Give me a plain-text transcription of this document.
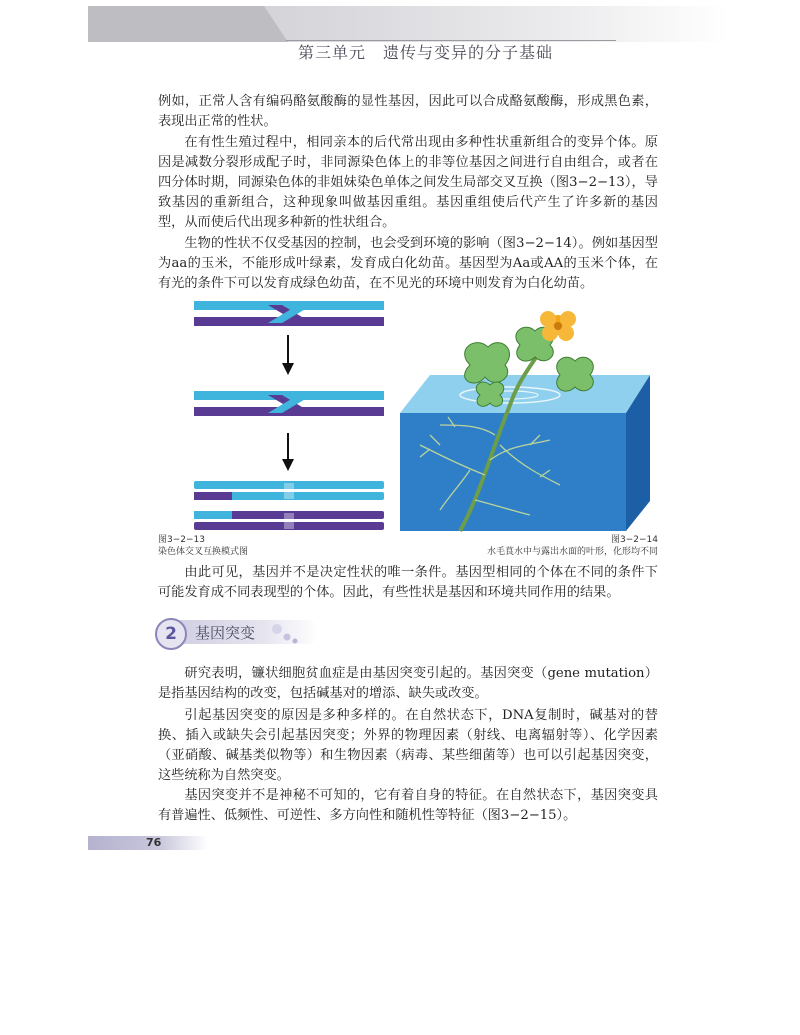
第三单元　遗传与变异的分子基础

例如，正常人含有编码酪氨酸酶的显性基因，因此可以合成酪氨酸酶，形成黑色素，表现出正常的性状。

在有性生殖过程中，相同亲本的后代常出现由多种性状重新组合的变异个体。原因是减数分裂形成配子时，非同源染色体上的非等位基因之间进行自由组合，或者在四分体时期，同源染色体的非姐妹染色单体之间发生局部交叉互换（图3−2−13），导致基因的重新组合，这种现象叫做基因重组。基因重组使后代产生了许多新的基因型，从而使后代出现多种新的性状组合。

生物的性状不仅受基因的控制，也会受到环境的影响（图3−2−14）。例如基因型为aa的玉米，不能形成叶绿素，发育成白化幼苗。基因型为Aa或AA的玉米个体，在有光的条件下可以发育成绿色幼苗，在不见光的环境中则发育为白化幼苗。

图3−2−13
染色体交叉互换模式图
图3−2−14
水毛茛水中与露出水面的叶形，化形均不同

由此可见，基因并不是决定性状的唯一条件。基因型相同的个体在不同的条件下可能发育成不同表现型的个体。因此，有些性状是基因和环境共同作用的结果。

2	基因突变

研究表明，镰状细胞贫血症是由基因突变引起的。基因突变（gene mutation）是指基因结构的改变，包括碱基对的增添、缺失或改变。

引起基因突变的原因是多种多样的。在自然状态下，DNA复制时，碱基对的替换、插入或缺失会引起基因突变；外界的物理因素（射线、电离辐射等）、化学因素（亚硝酸、碱基类似物等）和生物因素（病毒、某些细菌等）也可以引起基因突变，这些统称为自然突变。

基因突变并不是神秘不可知的，它有着自身的特征。在自然状态下，基因突变具有普遍性、低频性、可逆性、多方向性和随机性等特征（图3−2−15）。

76
